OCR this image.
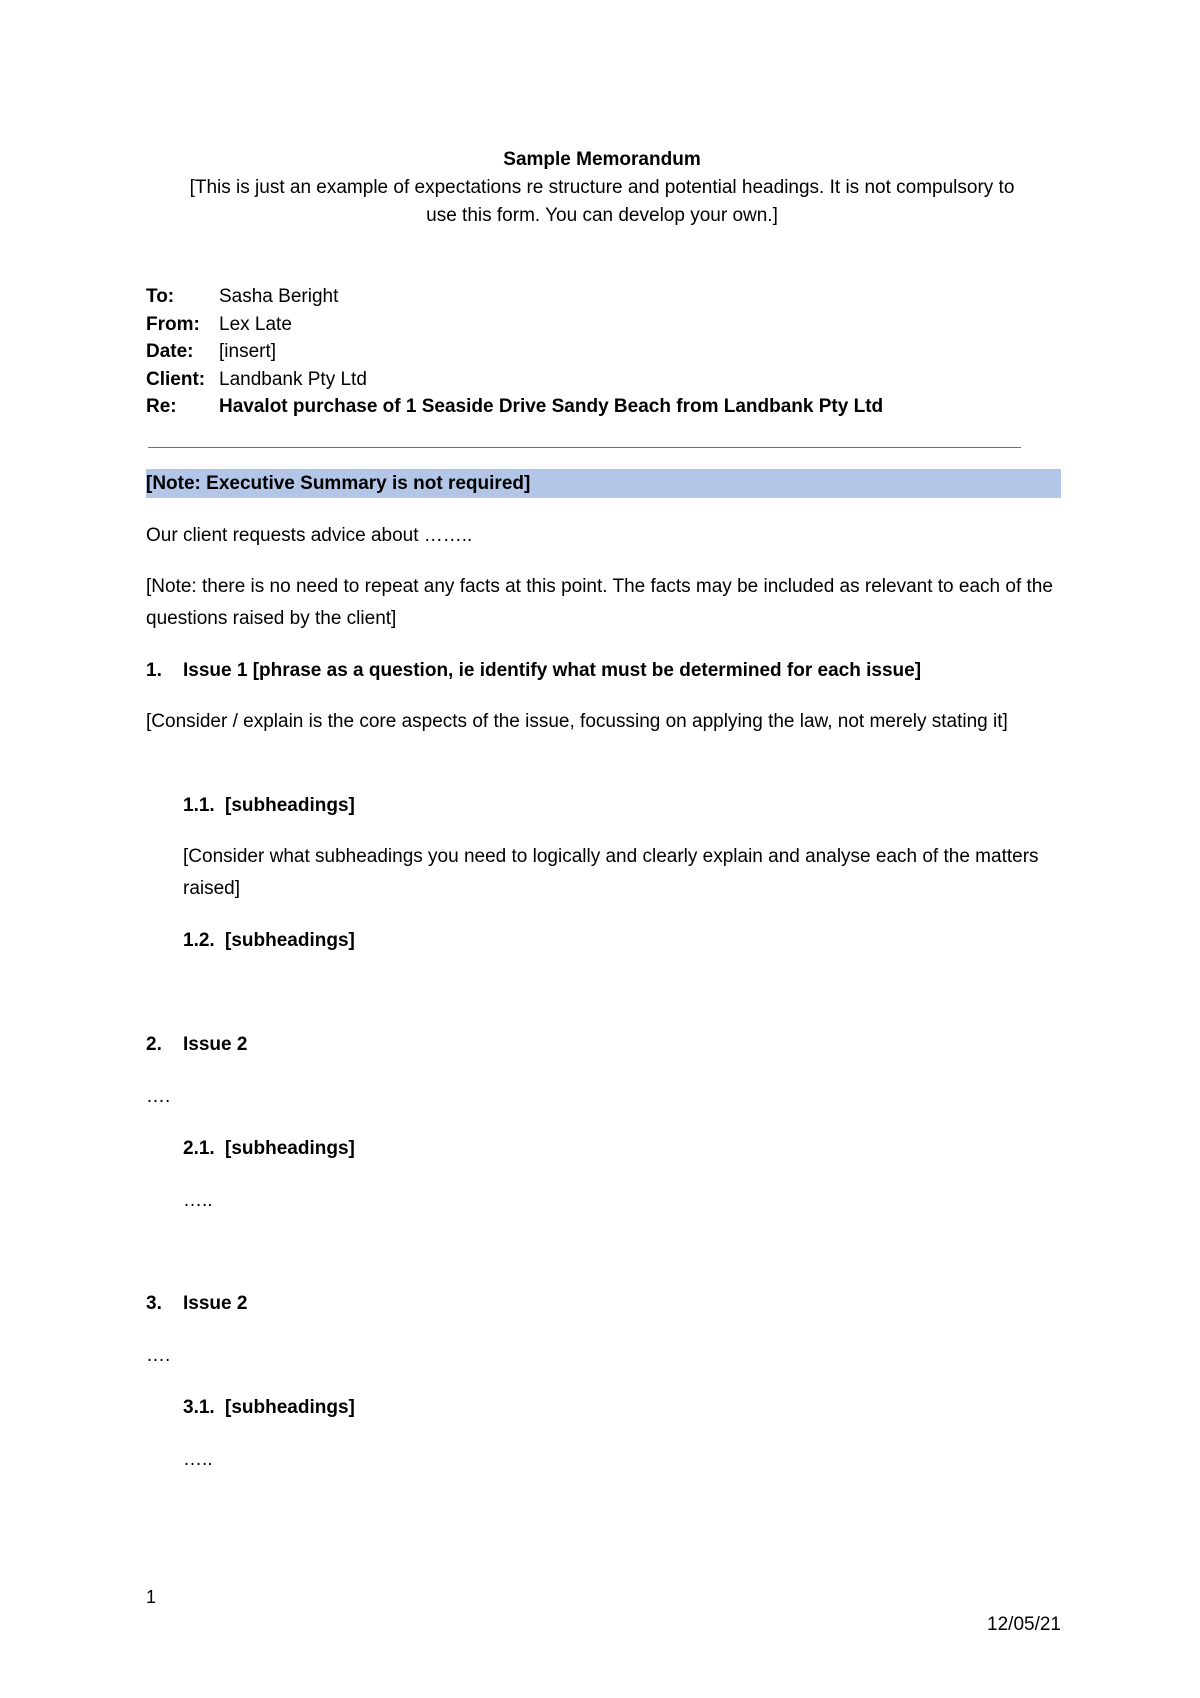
Sample Memorandum
[This is just an example of expectations re structure and potential headings. It is not compulsory to
use this form. You can develop your own.]
To:	Sasha Beright
From:	Lex Late
Date:	[insert]
Client: Landbank Pty Ltd
Re:	Havalot purchase of 1 Seaside Drive Sandy Beach from Landbank Pty Ltd
[Note: Executive Summary is not required]
Our client requests advice about ……..
[Note: there is no need to repeat any facts at this point. The facts may be included as relevant to each of the questions raised by the client]
1. Issue 1 [phrase as a question, ie identify what must be determined for each issue]
[Consider / explain is the core aspects of the issue, focussing on applying the law, not merely stating it]
1.1. [subheadings]
[Consider what subheadings you need to logically and clearly explain and analyse each of the matters raised]
1.2. [subheadings]
2. Issue 2
….
2.1. [subheadings]
…..
3. Issue 2
….
3.1. [subheadings]
…..
1
12/05/21
